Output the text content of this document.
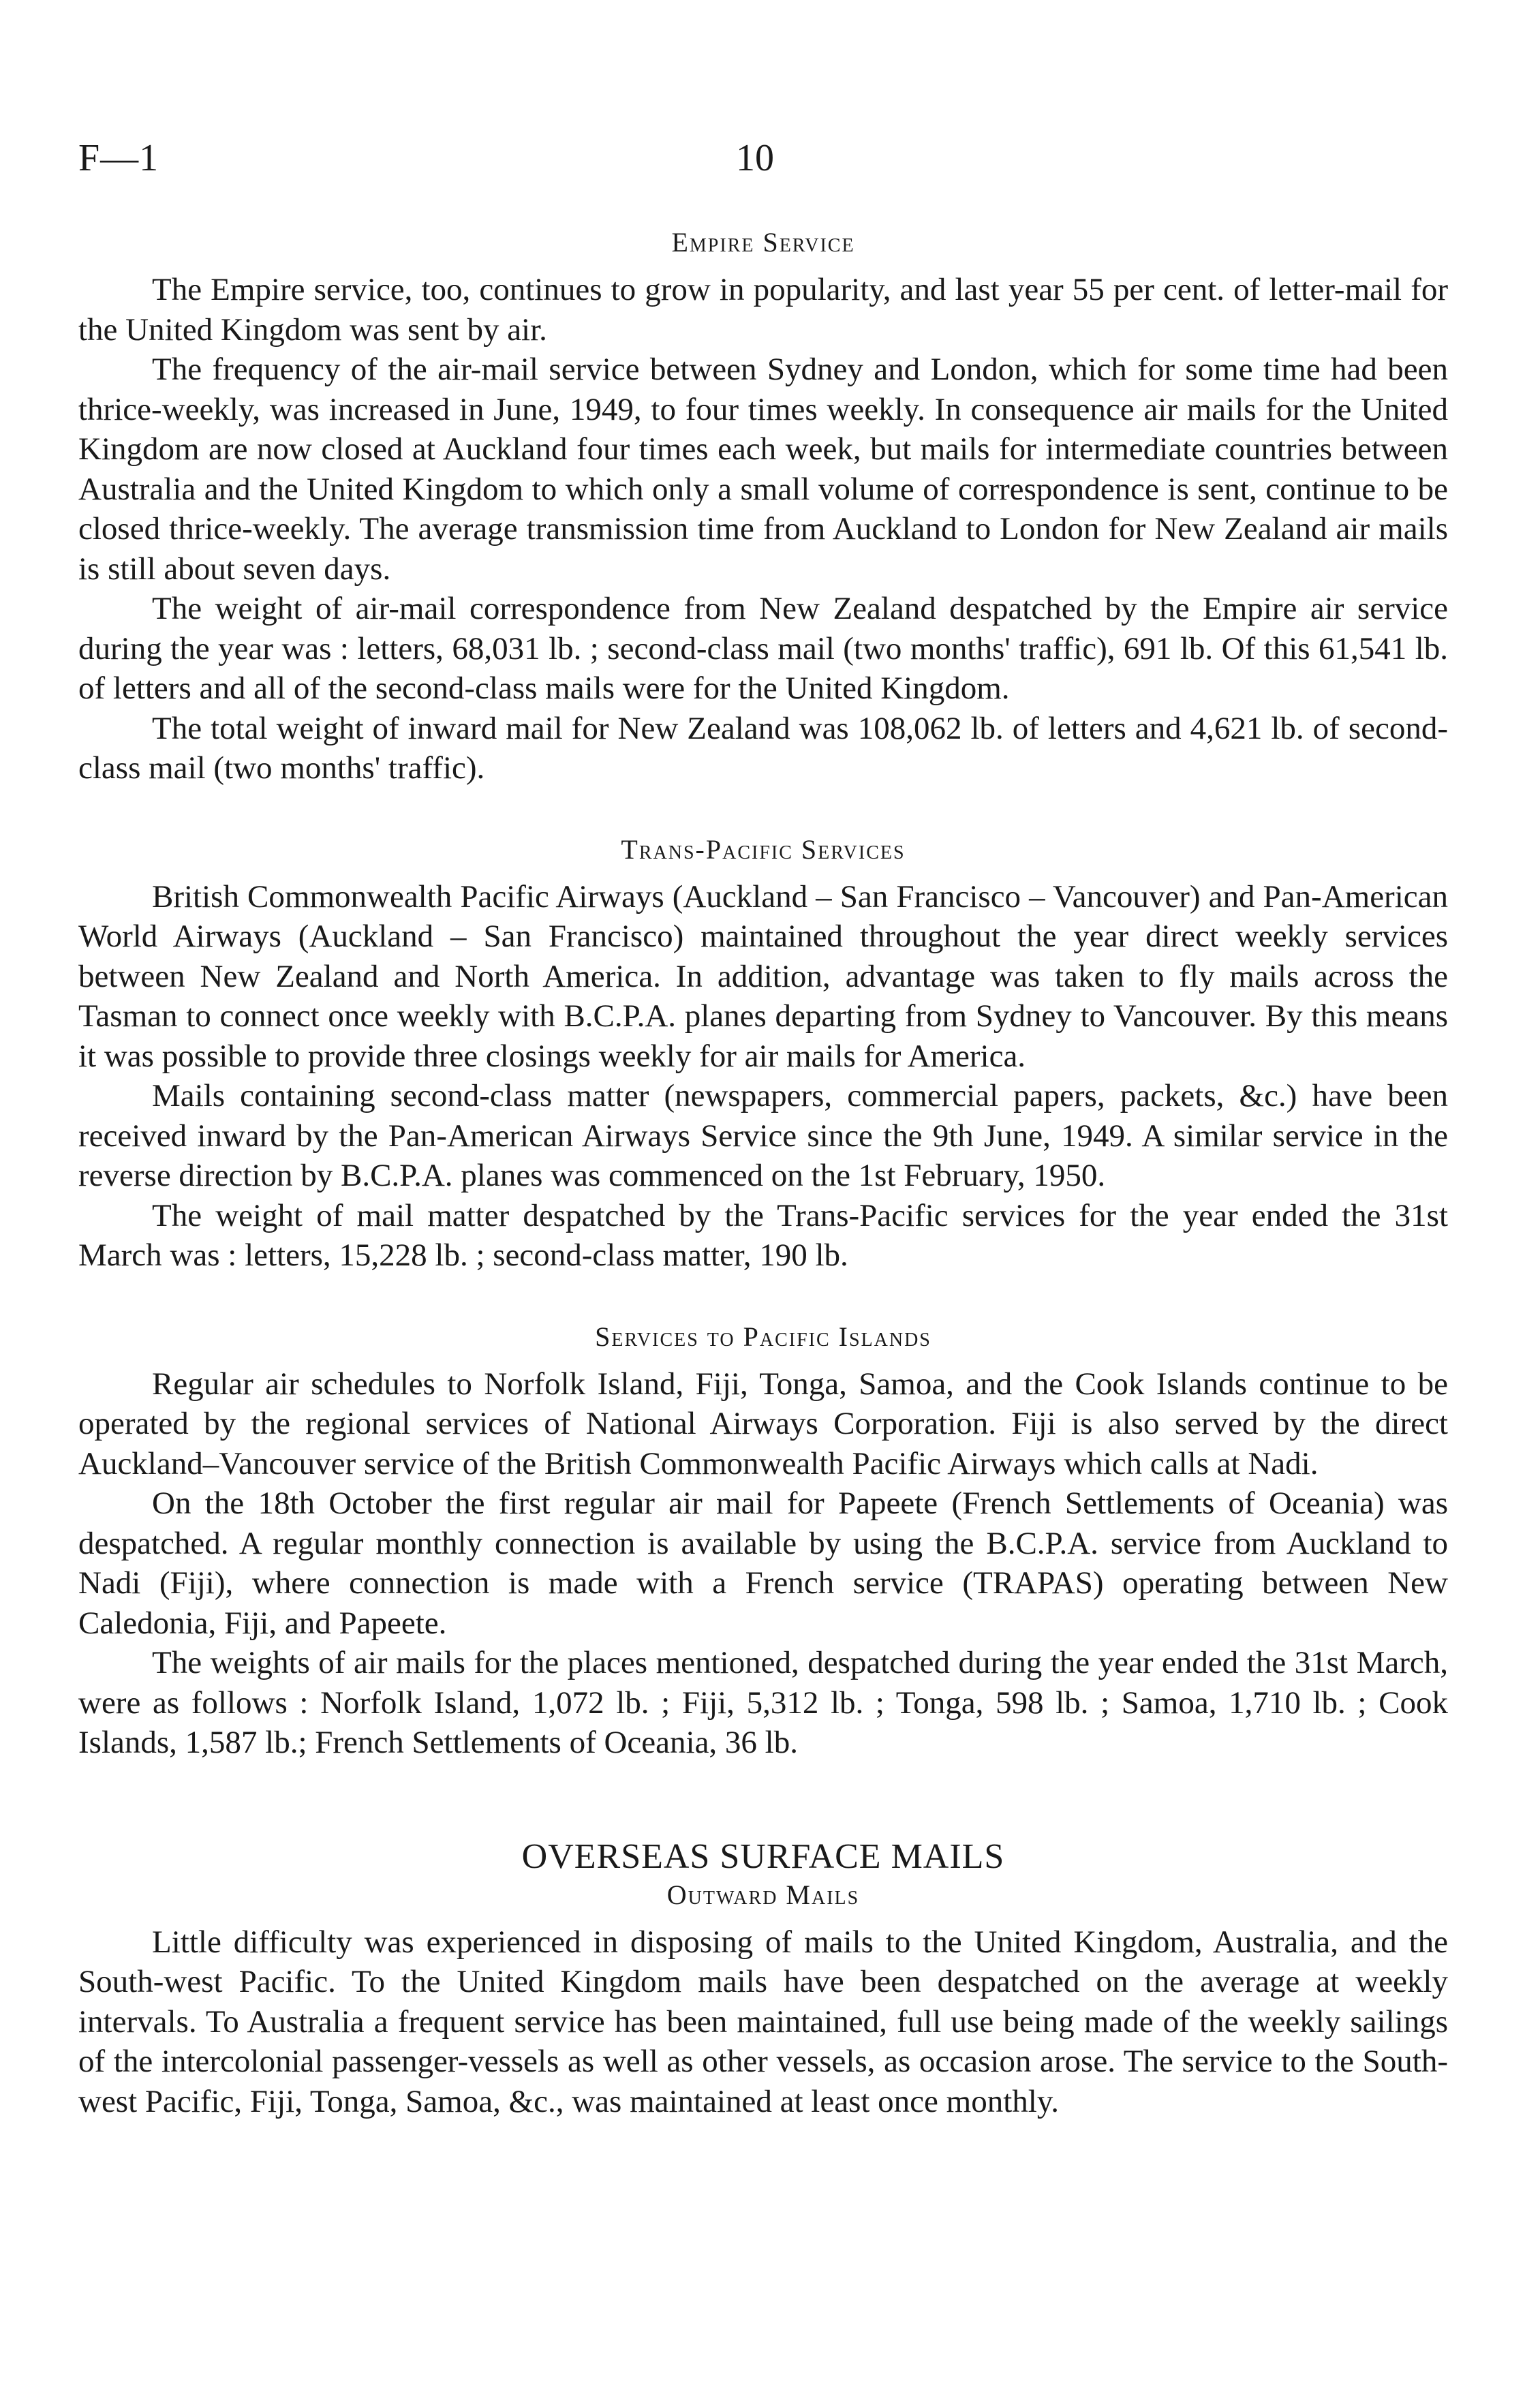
F—1	10
Empire Service

The Empire service, too, continues to grow in popularity, and last year 55 per cent. of letter-mail for the United Kingdom was sent by air.

The frequency of the air-mail service between Sydney and London, which for some time had been thrice-weekly, was increased in June, 1949, to four times weekly. In consequence air mails for the United Kingdom are now closed at Auckland four times each week, but mails for intermediate countries between Australia and the United Kingdom to which only a small volume of correspondence is sent, continue to be closed thrice-weekly. The average transmission time from Auckland to London for New Zealand air mails is still about seven days.

The weight of air-mail correspondence from New Zealand despatched by the Empire air service during the year was : letters, 68,031 lb. ; second-class mail (two months' traffic), 691 lb. Of this 61,541 lb. of letters and all of the second-class mails were for the United Kingdom.

The total weight of inward mail for New Zealand was 108,062 lb. of letters and 4,621 lb. of second-class mail (two months' traffic).

Trans-Pacific Services

British Commonwealth Pacific Airways (Auckland – San Francisco – Vancouver) and Pan-American World Airways (Auckland – San Francisco) maintained throughout the year direct weekly services between New Zealand and North America. In addition, advantage was taken to fly mails across the Tasman to connect once weekly with B.C.P.A. planes departing from Sydney to Vancouver. By this means it was possible to provide three closings weekly for air mails for America.

Mails containing second-class matter (newspapers, commercial papers, packets, &c.) have been received inward by the Pan-American Airways Service since the 9th June, 1949. A similar service in the reverse direction by B.C.P.A. planes was commenced on the 1st February, 1950.

The weight of mail matter despatched by the Trans-Pacific services for the year ended the 31st March was : letters, 15,228 lb. ; second-class matter, 190 lb.

Services to Pacific Islands

Regular air schedules to Norfolk Island, Fiji, Tonga, Samoa, and the Cook Islands continue to be operated by the regional services of National Airways Corporation. Fiji is also served by the direct Auckland–Vancouver service of the British Commonwealth Pacific Airways which calls at Nadi.

On the 18th October the first regular air mail for Papeete (French Settlements of Oceania) was despatched. A regular monthly connection is available by using the B.C.P.A. service from Auckland to Nadi (Fiji), where connection is made with a French service (TRAPAS) operating between New Caledonia, Fiji, and Papeete.

The weights of air mails for the places mentioned, despatched during the year ended the 31st March, were as follows : Norfolk Island, 1,072 lb. ; Fiji, 5,312 lb. ; Tonga, 598 lb. ; Samoa, 1,710 lb. ; Cook Islands, 1,587 lb.; French Settlements of Oceania, 36 lb.

OVERSEAS SURFACE MAILS
Outward Mails

Little difficulty was experienced in disposing of mails to the United Kingdom, Australia, and the South-west Pacific. To the United Kingdom mails have been despatched on the average at weekly intervals. To Australia a frequent service has been maintained, full use being made of the weekly sailings of the intercolonial passenger-vessels as well as other vessels, as occasion arose. The service to the South-west Pacific, Fiji, Tonga, Samoa, &c., was maintained at least once monthly.
